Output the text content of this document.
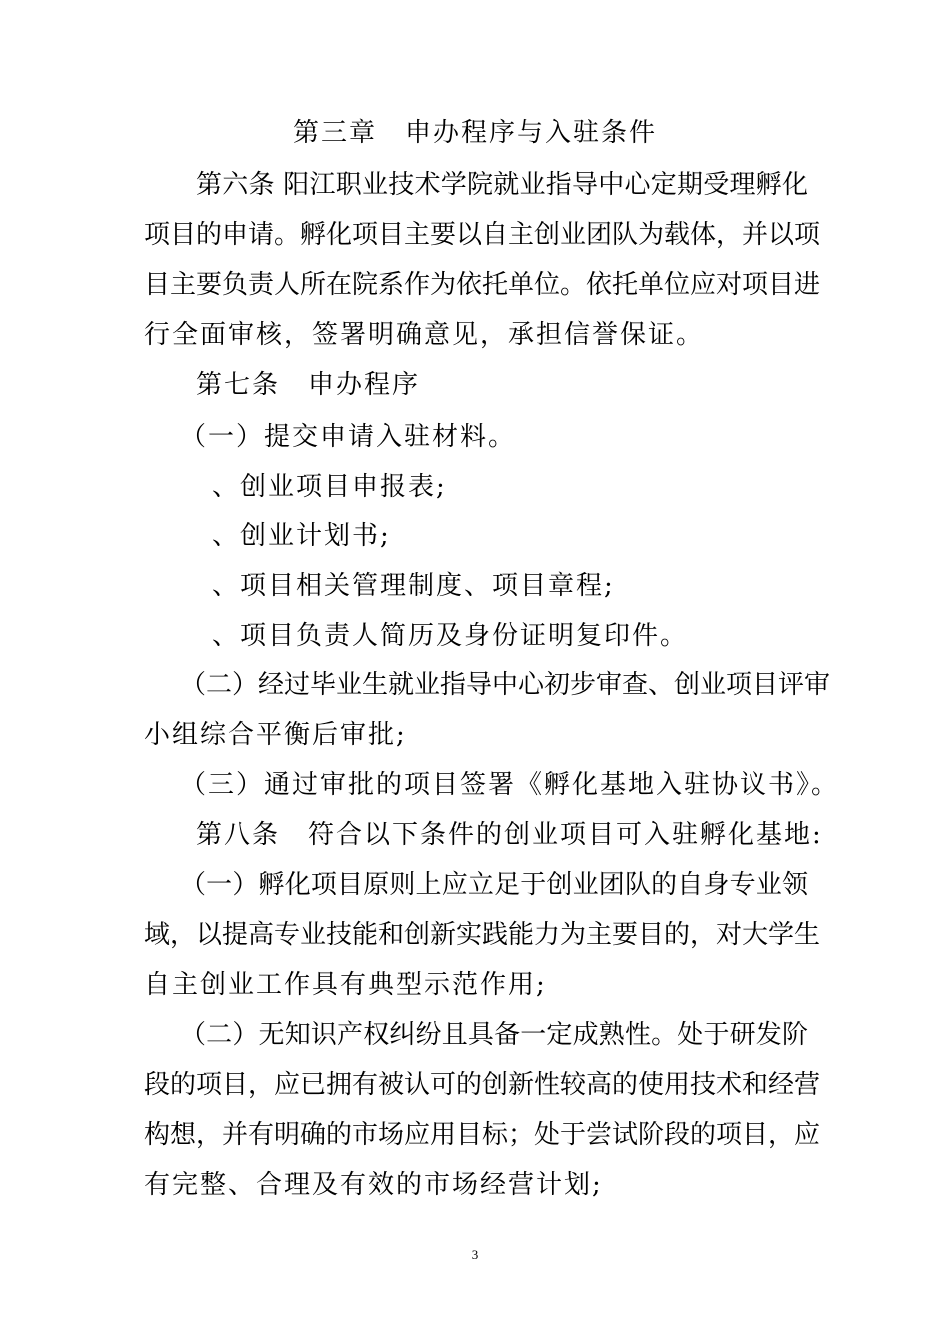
第三章　申办程序与入驻条件
第六条 阳江职业技术学院就业指导中心定期受理孵化
项目的申请。孵化项目主要以自主创业团队为载体，并以项
目主要负责人所在院系作为依托单位。依托单位应对项目进
行全面审核，签署明确意见，承担信誉保证。
第七条　申办程序
（一）提交申请入驻材料。
、创业项目申报表;
、创业计划书;
、项目相关管理制度、项目章程;
、项目负责人简历及身份证明复印件。
（二）经过毕业生就业指导中心初步审查、创业项目评审
小组综合平衡后审批;
（三）通过审批的项目签署《孵化基地入驻协议书》。
第八条　符合以下条件的创业项目可入驻孵化基地:
（一）孵化项目原则上应立足于创业团队的自身专业领
域，以提高专业技能和创新实践能力为主要目的，对大学生
自主创业工作具有典型示范作用;
（二）无知识产权纠纷且具备一定成熟性。处于研发阶
段的项目，应已拥有被认可的创新性较高的使用技术和经营
构想，并有明确的市场应用目标；处于尝试阶段的项目，应
有完整、合理及有效的市场经营计划;
3
